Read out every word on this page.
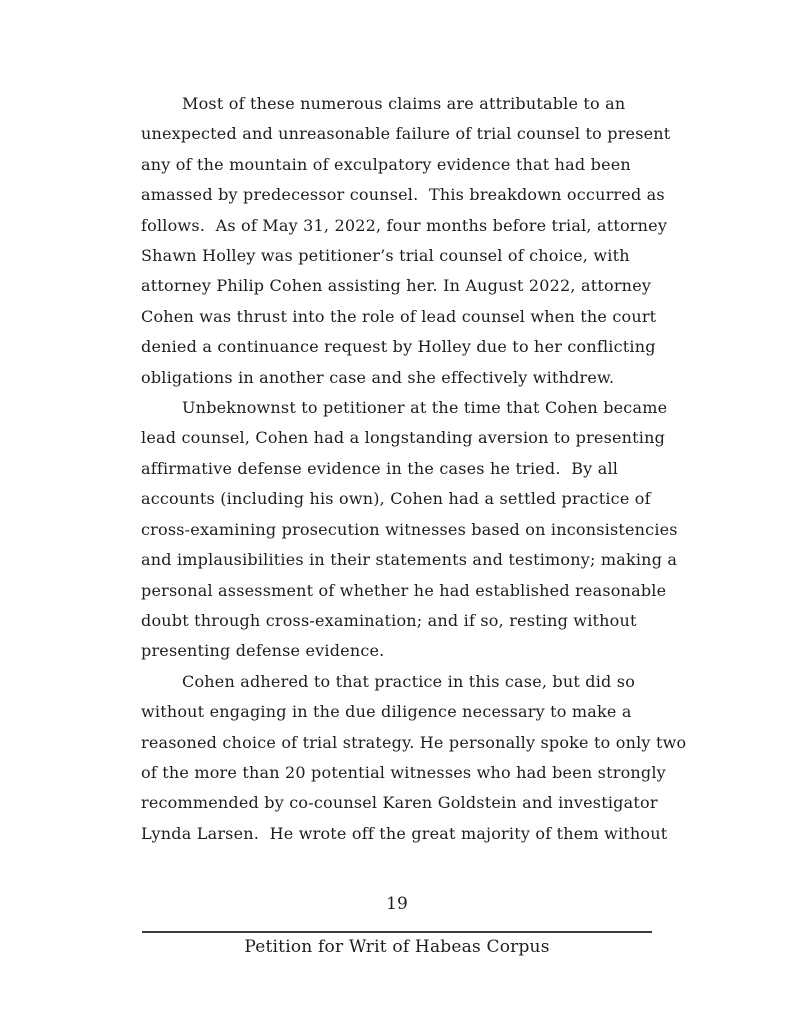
Most of these numerous claims are attributable to an
unexpected and unreasonable failure of trial counsel to present
any of the mountain of exculpatory evidence that had been
amassed by predecessor counsel.  This breakdown occurred as
follows.  As of May 31, 2022, four months before trial, attorney
Shawn Holley was petitioner’s trial counsel of choice, with
attorney Philip Cohen assisting her. In August 2022, attorney
Cohen was thrust into the role of lead counsel when the court
denied a continuance request by Holley due to her conflicting
obligations in another case and she effectively withdrew.
Unbeknownst to petitioner at the time that Cohen became
lead counsel, Cohen had a longstanding aversion to presenting
affirmative defense evidence in the cases he tried.  By all
accounts (including his own), Cohen had a settled practice of
cross-examining prosecution witnesses based on inconsistencies
and implausibilities in their statements and testimony; making a
personal assessment of whether he had established reasonable
doubt through cross-examination; and if so, resting without
presenting defense evidence.
Cohen adhered to that practice in this case, but did so
without engaging in the due diligence necessary to make a
reasoned choice of trial strategy. He personally spoke to only two
of the more than 20 potential witnesses who had been strongly
recommended by co-counsel Karen Goldstein and investigator
Lynda Larsen.  He wrote off the great majority of them without
19
Petition for Writ of Habeas Corpus
